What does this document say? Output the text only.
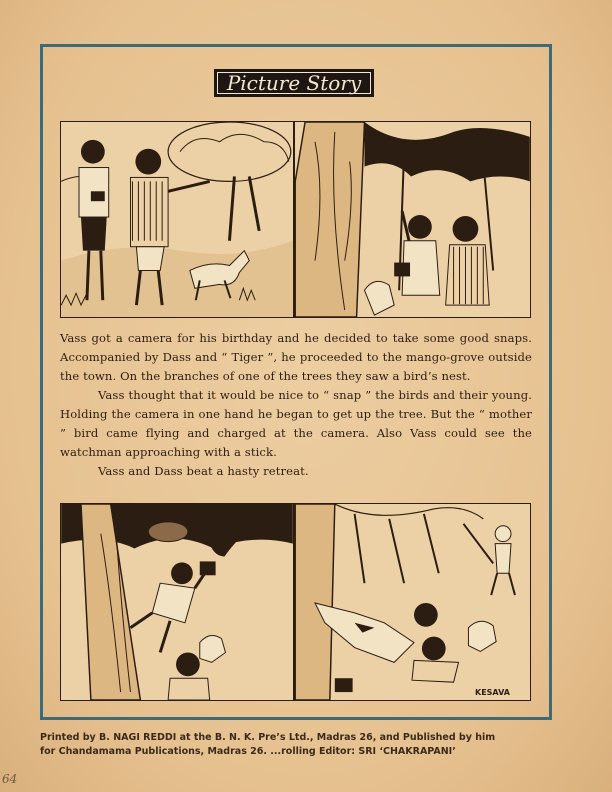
Picture Story

Vass got a camera for his birthday and he decided to take some good snaps. Accompanied by Dass and “ Tiger ”, he proceeded to the mango-grove outside the town. On the branches of one of the trees they saw a bird’s nest.

Vass thought that it would be nice to “ snap ” the birds and their young. Holding the camera in one hand he began to get up the tree. But the “ mother ” bird came flying and charged at the camera. Also Vass could see the watchman approaching with a stick.

Vass and Dass beat a hasty retreat.

KESAVA
Printed by B. NAGI REDDI at the B. N. K. Pre’s Ltd., Madras 26, and Published by him
for Chandamama Publications, Madras 26. ...rolling Editor: SRI ‘CHAKRAPANI’
64
